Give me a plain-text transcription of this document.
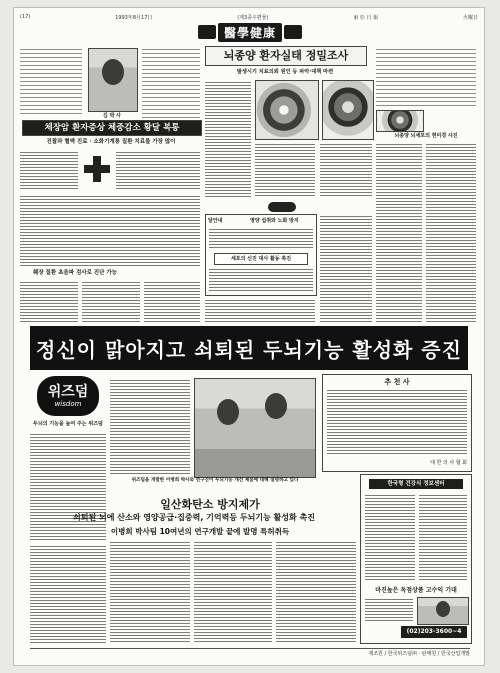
(17)	1993年8月17日	(제3종우편물)	東 亞 日 報	火曜日
醫學健康
김 박 사
체장암 환자증상 체중감소 황달 복통
진찰과 혈액 진료 · 소화기계통 질환 치료를 가장 많이
췌장 질환 초음파 검사로 진단 가능
뇌종양 환자실태 정밀조사
발생시기 치료의뢰 원인 등 파악·대책 마련
달안내	영양 섭취와 노화 방지
세포의 신진 대사 활동 촉진
뇌종양 뇌세포의 현미경 사진
정신이 맑아지고 쇠퇴된 두뇌기능 활성화 증진
위즈덤
wisdom
두뇌의 기능을 높여 주는 위즈덤
추 천 사
대 한 의 사 협 회
위즈덤을 개발한 이병희 박사와 연구진이 두뇌기능 개선 제품에 대해 설명하고 있다
일산화탄소 방지제가
쇠퇴된 뇌에 산소와 영양공급·집중력, 기억력등 두뇌기능 활성화 촉진
이병희 박사팀 10여년의 연구개발 끝에 발명 특허취득
한국형 건강식 정보센터
마진높은 독점상품 고수익 기대
(02)203-3600~4
제조원 / 한국위즈덤㈜ · 판매원 / 한국산업개발
